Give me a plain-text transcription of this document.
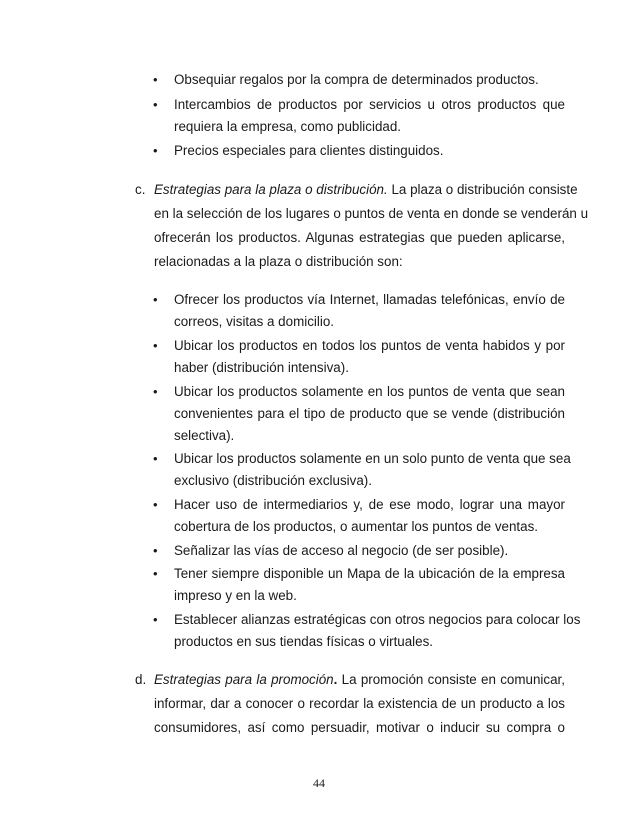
• Obsequiar regalos por la compra de determinados productos.
• Intercambios de productos por servicios u otros productos que
requiera la empresa, como publicidad.
• Precios especiales para clientes distinguidos.
c. Estrategias para la plaza o distribución. La plaza o distribución consiste
en la selección de los lugares o puntos de venta en donde se venderán u
ofrecerán los productos. Algunas estrategias que pueden aplicarse,
relacionadas a la plaza o distribución son:
• Ofrecer los productos vía Internet, llamadas telefónicas, envío de
correos, visitas a domicilio.
• Ubicar los productos en todos los puntos de venta habidos y por
haber (distribución intensiva).
• Ubicar los productos solamente en los puntos de venta que sean
convenientes para el tipo de producto que se vende (distribución
selectiva).
• Ubicar los productos solamente en un solo punto de venta que sea
exclusivo (distribución exclusiva).
• Hacer uso de intermediarios y, de ese modo, lograr una mayor
cobertura de los productos, o aumentar los puntos de ventas.
• Señalizar las vías de acceso al negocio (de ser posible).
• Tener siempre disponible un Mapa de la ubicación de la empresa
impreso y en la web.
• Establecer alianzas estratégicas con otros negocios para colocar los
productos en sus tiendas físicas o virtuales.
d. Estrategias para la promoción. La promoción consiste en comunicar,
informar, dar a conocer o recordar la existencia de un producto a los
consumidores, así como persuadir, motivar o inducir su compra o
44
